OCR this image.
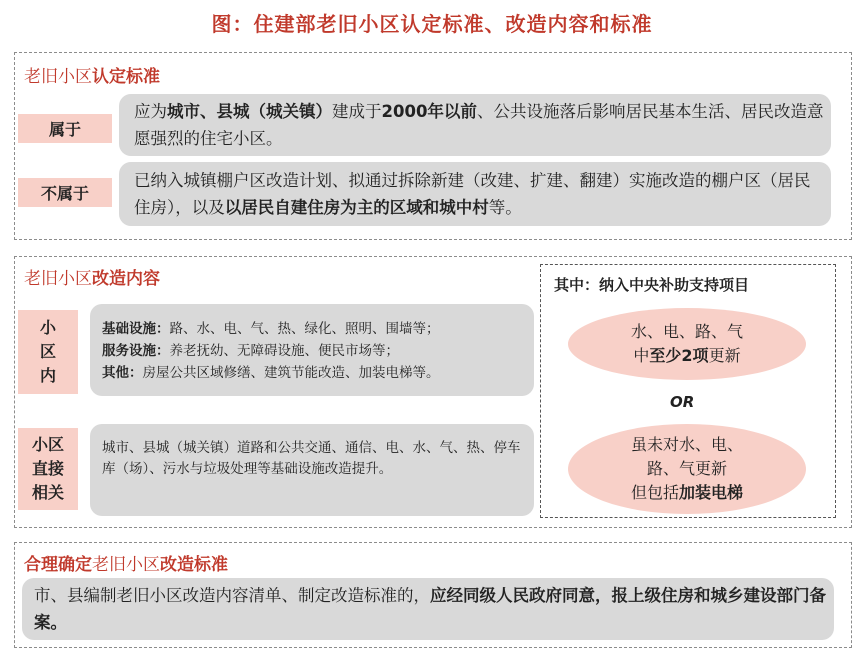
图：住建部老旧小区认定标准、改造内容和标准
老旧小区认定标准
属于
应为城市、县城（城关镇）建成于2000年以前、公共设施落后影响居民基本生活、居民改造意愿强烈的住宅小区。
不属于
已纳入城镇棚户区改造计划、拟通过拆除新建（改建、扩建、翻建）实施改造的棚户区（居民住房），以及以居民自建住房为主的区域和城中村等。
老旧小区改造内容
小
区
内
基础设施：路、水、电、气、热、绿化、照明、围墙等；
服务设施：养老抚幼、无障碍设施、便民市场等；
其他：房屋公共区域修缮、建筑节能改造、加装电梯等。
小区
直接
相关
城市、县城（城关镇）道路和公共交通、通信、电、水、气、热、停车库（场）、污水与垃圾处理等基础设施改造提升。
其中：纳入中央补助支持项目
水、电、路、气
中至少2项更新
OR
虽未对水、电、
路、气更新
但包括加装电梯
合理确定老旧小区改造标准
市、县编制老旧小区改造内容清单、制定改造标准的，应经同级人民政府同意，报上级住房和城乡建设部门备案。
